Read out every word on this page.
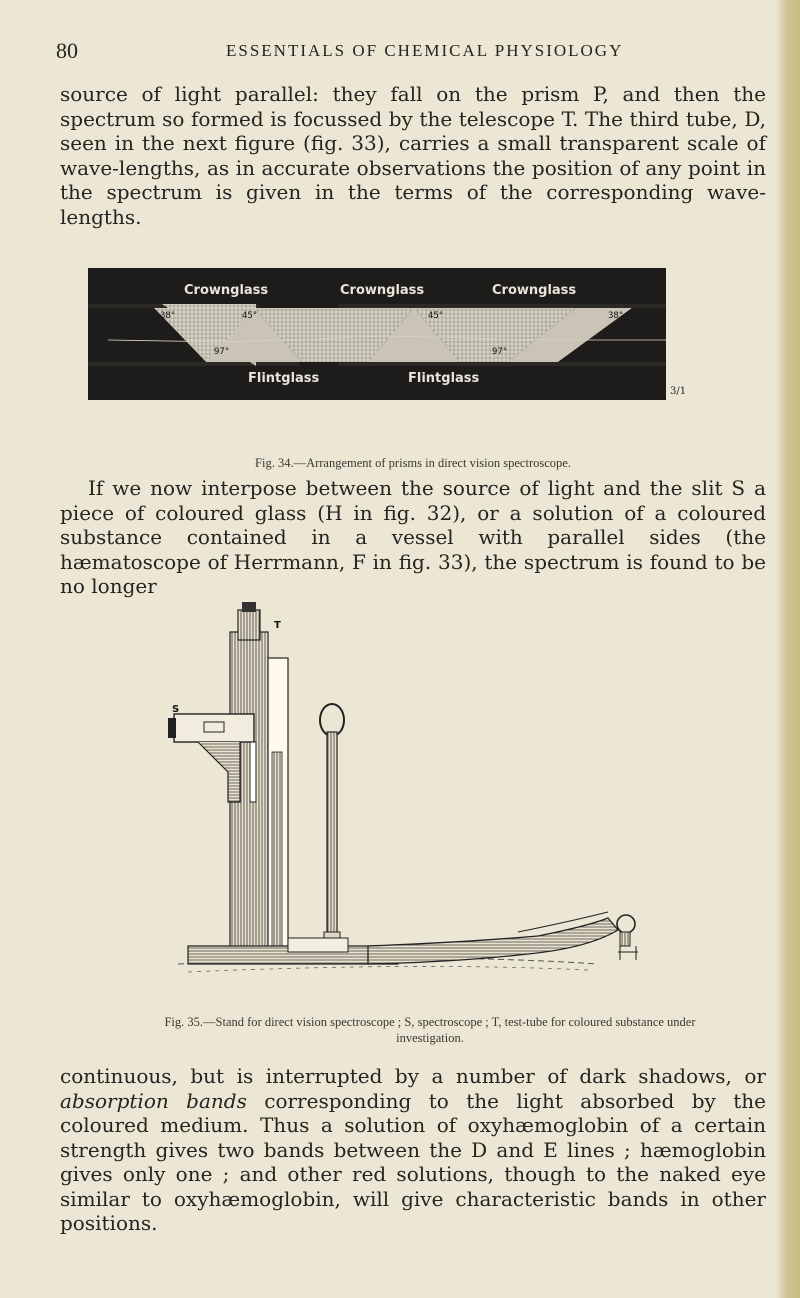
80	ESSENTIALS OF CHEMICAL PHYSIOLOGY

source of light parallel: they fall on the prism P, and then the spectrum so formed is focussed by the telescope T. The third tube, D, seen in the next figure (fig. 33), carries a small transparent scale of wave-lengths, as in accurate observations the position of any point in the spectrum is given in the terms of the corresponding wave-lengths.

Crownglass	Crownglass	Crownglass
Flintglass	Flintglass
38°	45°	45°	38°
97°	97°
3/1

Fig. 34.—Arrangement of prisms in direct vision spectroscope.

If we now interpose between the source of light and the slit S a piece of coloured glass (H in fig. 32), or a solution of a coloured substance contained in a vessel with parallel sides (the hæmatoscope of Herrmann, F in fig. 33), the spectrum is found to be no longer

S
T

Fig. 35.—Stand for direct vision spectroscope ; S, spectroscope ; T, test-tube for coloured substance under investigation.

continuous, but is interrupted by a number of dark shadows, or absorption bands corresponding to the light absorbed by the coloured medium. Thus a solution of oxyhæmoglobin of a certain strength gives two bands between the D and E lines ; hæmoglobin gives only one ; and other red solutions, though to the naked eye similar to oxyhæmoglobin, will give characteristic bands in other positions.
